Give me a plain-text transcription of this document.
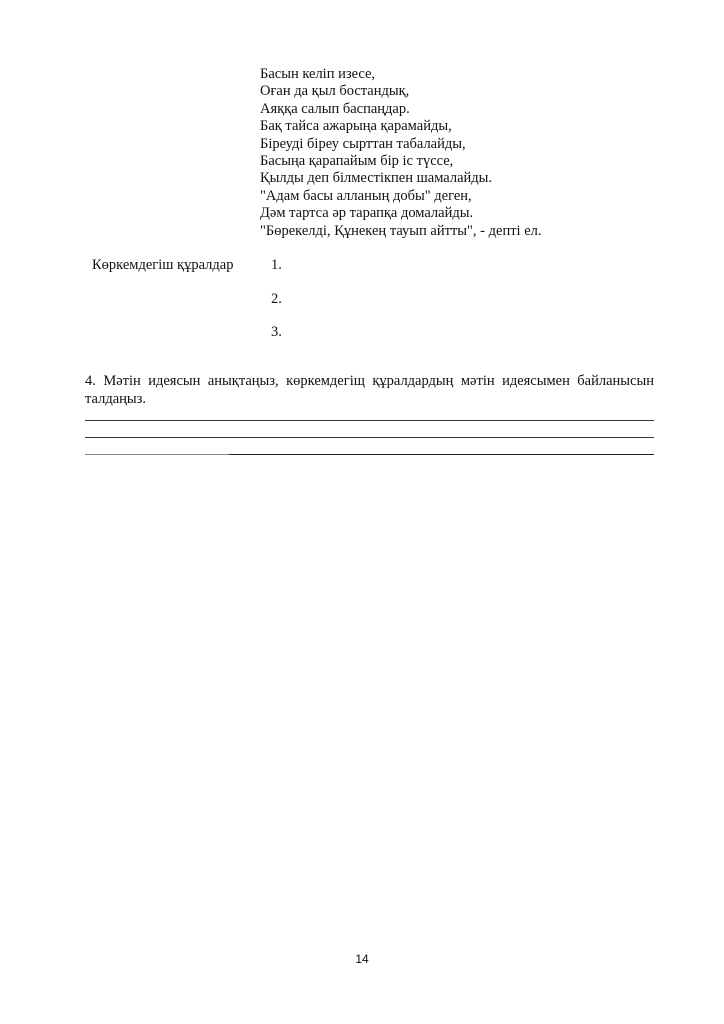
Басын келіп изесе,
Оған да қыл бостандық,
Аяққа салып баспаңдар.
Бақ тайса ажарыңа қарамайды,
Біреуді біреу сырттан табалайды,
Басыңа қарапайым бір іс түссе,
Қылды деп білместікпен шамалайды.
"Адам басы алланың добы" деген,
Дәм тартса әр тарапқа домалайды.
"Бөрекелді, Құнекең тауып айтты", - депті ел.
Көркемдегіш құралдар	1.
2.
3.
4. Мәтін идеясын анықтаңыз, көркемдегіщ құралдардың мәтін идеясымен байланысын талдаңыз.
14
